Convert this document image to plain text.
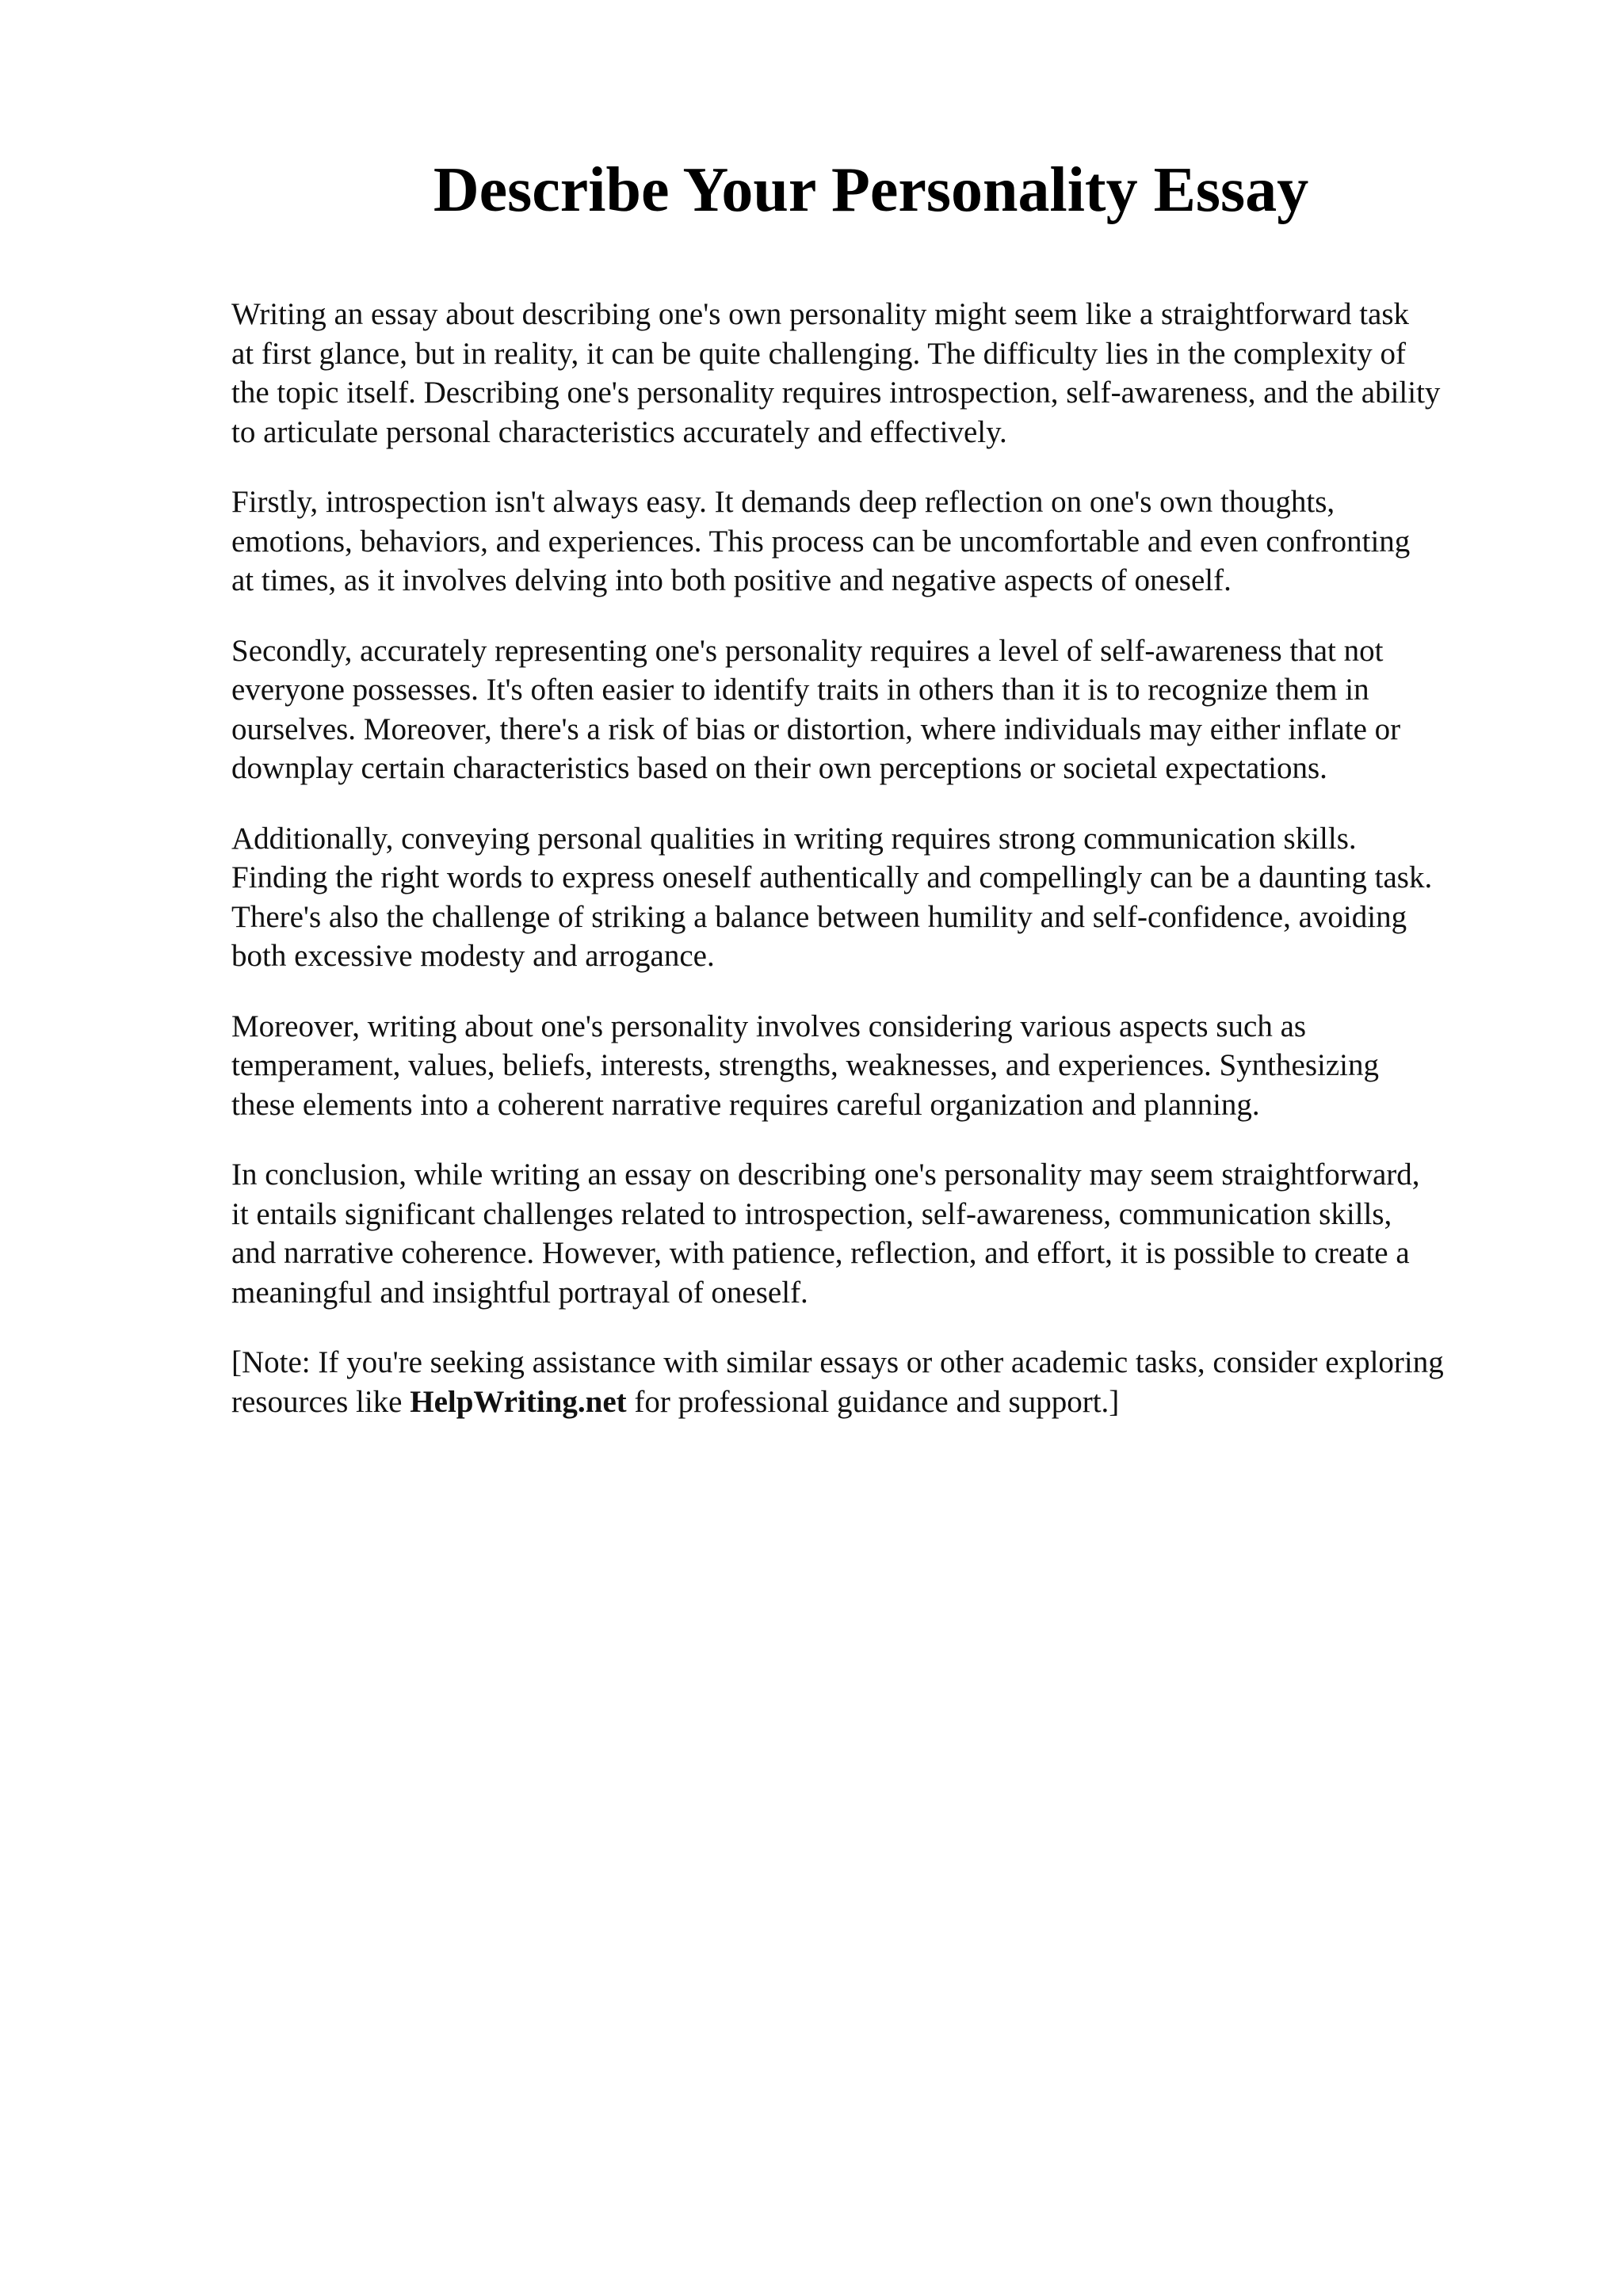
Describe Your Personality Essay

Writing an essay about describing one's own personality might seem like a straightforward task
at first glance, but in reality, it can be quite challenging. The difficulty lies in the complexity of
the topic itself. Describing one's personality requires introspection, self-awareness, and the ability
to articulate personal characteristics accurately and effectively.

Firstly, introspection isn't always easy. It demands deep reflection on one's own thoughts,
emotions, behaviors, and experiences. This process can be uncomfortable and even confronting
at times, as it involves delving into both positive and negative aspects of oneself.

Secondly, accurately representing one's personality requires a level of self-awareness that not
everyone possesses. It's often easier to identify traits in others than it is to recognize them in
ourselves. Moreover, there's a risk of bias or distortion, where individuals may either inflate or
downplay certain characteristics based on their own perceptions or societal expectations.

Additionally, conveying personal qualities in writing requires strong communication skills.
Finding the right words to express oneself authentically and compellingly can be a daunting task.
There's also the challenge of striking a balance between humility and self-confidence, avoiding
both excessive modesty and arrogance.

Moreover, writing about one's personality involves considering various aspects such as
temperament, values, beliefs, interests, strengths, weaknesses, and experiences. Synthesizing
these elements into a coherent narrative requires careful organization and planning.

In conclusion, while writing an essay on describing one's personality may seem straightforward,
it entails significant challenges related to introspection, self-awareness, communication skills,
and narrative coherence. However, with patience, reflection, and effort, it is possible to create a
meaningful and insightful portrayal of oneself.

[Note: If you're seeking assistance with similar essays or other academic tasks, consider exploring
resources like HelpWriting.net for professional guidance and support.]
